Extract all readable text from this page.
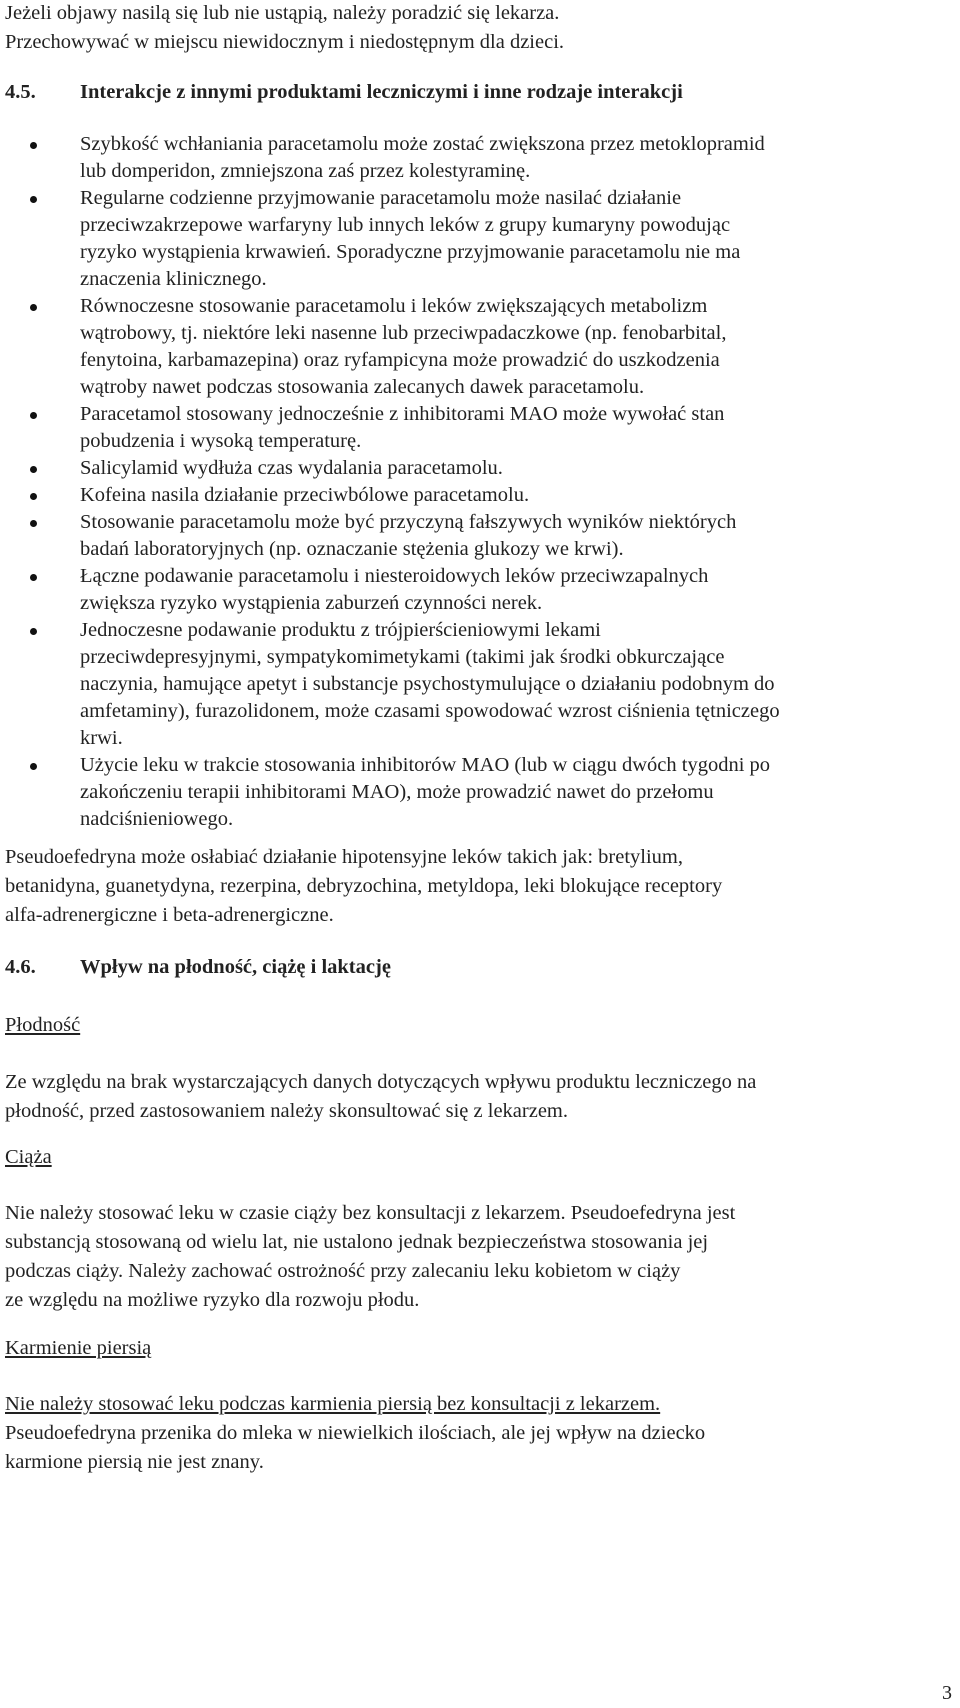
Jeżeli objawy nasilą się lub nie ustąpią, należy poradzić się lekarza.
Przechowywać w miejscu niewidocznym i niedostępnym dla dzieci.
4.5. Interakcje z innymi produktami leczniczymi i inne rodzaje interakcji
Szybkość wchłaniania paracetamolu może zostać zwiększona przez metoklopramid
lub domperidon, zmniejszona zaś przez kolestyraminę.
Regularne codzienne przyjmowanie paracetamolu może nasilać działanie
przeciwzakrzepowe warfaryny lub innych leków z grupy kumaryny powodując
ryzyko wystąpienia krwawień. Sporadyczne przyjmowanie paracetamolu nie ma
znaczenia klinicznego.
Równoczesne stosowanie paracetamolu i leków zwiększających metabolizm
wątrobowy, tj. niektóre leki nasenne lub przeciwpadaczkowe (np. fenobarbital,
fenytoina, karbamazepina) oraz ryfampicyna może prowadzić do uszkodzenia
wątroby nawet podczas stosowania zalecanych dawek paracetamolu.
Paracetamol stosowany jednocześnie z inhibitorami MAO może wywołać stan
pobudzenia i wysoką temperaturę.
Salicylamid wydłuża czas wydalania paracetamolu.
Kofeina nasila działanie przeciwbólowe paracetamolu.
Stosowanie paracetamolu może być przyczyną fałszywych wyników niektórych
badań laboratoryjnych (np. oznaczanie stężenia glukozy we krwi).
Łączne podawanie paracetamolu i niesteroidowych leków przeciwzapalnych
zwiększa ryzyko wystąpienia zaburzeń czynności nerek.
Jednoczesne podawanie produktu z trójpierścieniowymi lekami
przeciwdepresyjnymi, sympatykomimetykami (takimi jak środki obkurczające
naczynia, hamujące apetyt i substancje psychostymulujące o działaniu podobnym do
amfetaminy), furazolidonem, może czasami spowodować wzrost ciśnienia tętniczego
krwi.
Użycie leku w trakcie stosowania inhibitorów MAO (lub w ciągu dwóch tygodni po
zakończeniu terapii inhibitorami MAO), może prowadzić nawet do przełomu
nadciśnieniowego.
Pseudoefedryna może osłabiać działanie hipotensyjne leków takich jak: bretylium,
betanidyna, guanetydyna, rezerpina, debryzochina, metyldopa, leki blokujące receptory
alfa-adrenergiczne i beta-adrenergiczne.
4.6. Wpływ na płodność, ciążę i laktację
Płodność
Ze względu na brak wystarczających danych dotyczących wpływu produktu leczniczego na
płodność, przed zastosowaniem należy skonsultować się z lekarzem.
Ciąża
Nie należy stosować leku w czasie ciąży bez konsultacji z lekarzem. Pseudoefedryna jest
substancją stosowaną od wielu lat, nie ustalono jednak bezpieczeństwa stosowania jej
podczas ciąży. Należy zachować ostrożność przy zalecaniu leku kobietom w ciąży
ze względu na możliwe ryzyko dla rozwoju płodu.
Karmienie piersią
Nie należy stosować leku podczas karmienia piersią bez konsultacji z lekarzem.
Pseudoefedryna przenika do mleka w niewielkich ilościach, ale jej wpływ na dziecko
karmione piersią nie jest znany.
3
